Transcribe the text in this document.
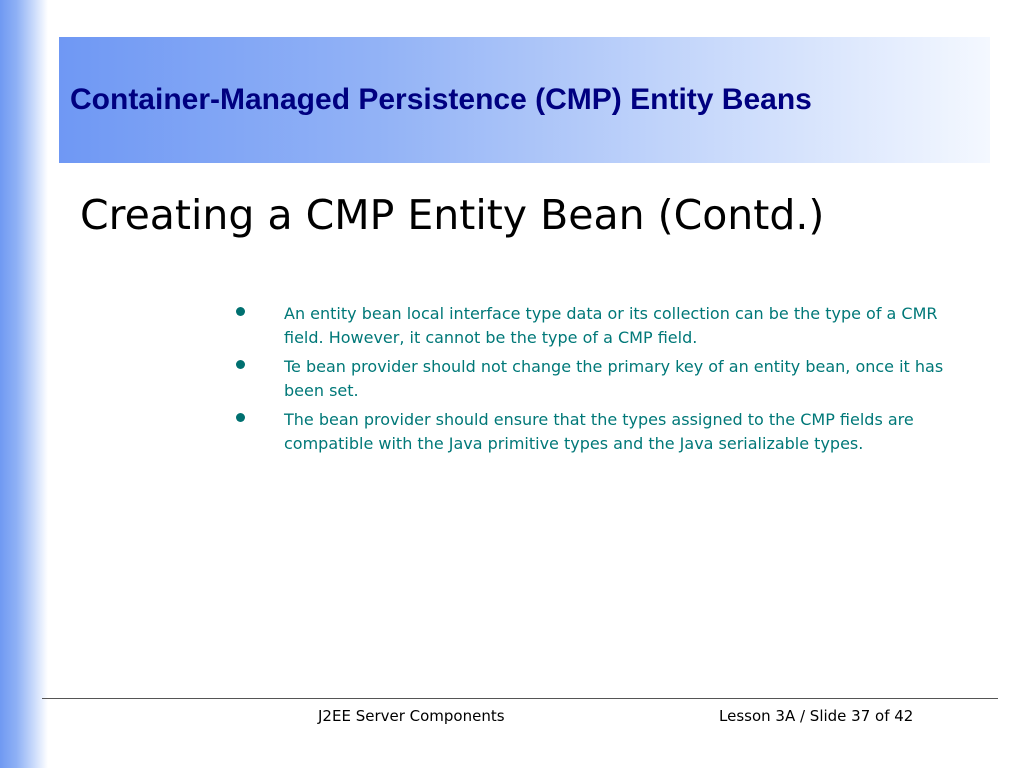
Container-Managed Persistence (CMP) Entity Beans
Creating a CMP Entity Bean (Contd.)
An entity bean local interface type data or its collection can be the type of a CMR field. However, it cannot be the type of a CMP field.
Te bean provider should not change the primary key of an entity bean, once it has been set.
The bean provider should ensure that the types assigned to the CMP fields are compatible with the Java primitive types and the Java serializable types.
J2EE Server Components	Lesson 3A / Slide 37 of 42
